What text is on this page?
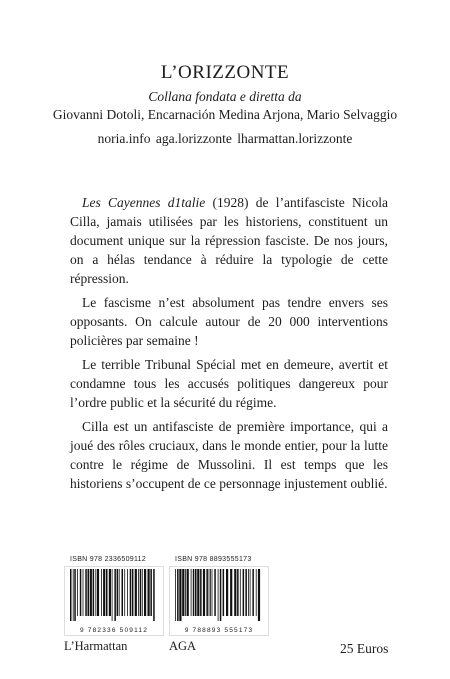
L’ORIZZONTE
Collana fondata e diretta da
Giovanni Dotoli, Encarnación Medina Arjona, Mario Selvaggio
noria.info aga.lorizzonte lharmattan.lorizzonte

Les Cayennes d1talie (1928) de l’antifasciste Nicola Cilla, jamais utilisées par les historiens, constituent un document unique sur la répression fasciste. De nos jours, on a hélas tendance à réduire la typologie de cette répression.

Le fascisme n’est absolument pas tendre envers ses opposants. On calcule autour de 20 000 interventions policières par semaine !

Le terrible Tribunal Spécial met en demeure, avertit et condamne tous les accusés politiques dangereux pour l’ordre public et la sécurité du régime.

Cilla est un antifasciste de première importance, qui a joué des rôles cruciaux, dans le monde entier, pour la lutte contre le régime de Mussolini. Il est temps que les historiens s’occupent de ce personnage injustement oublié.

ISBN 978 2336509112
9 782336 509112
L’Harmattan
ISBN 978 8893555173
9 788893 555173
AGA	25 Euros
